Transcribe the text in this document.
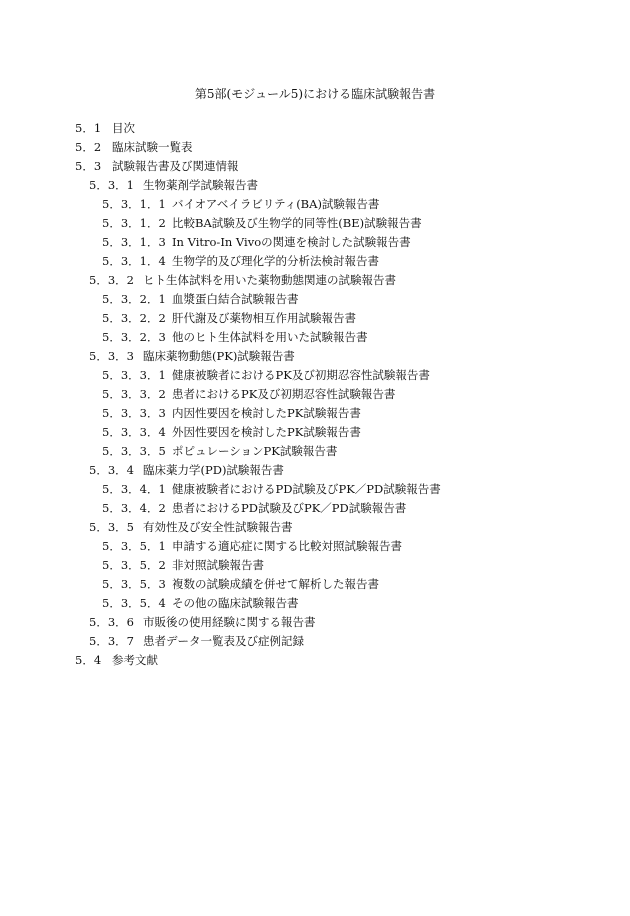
第5部(モジュール5)における臨床試験報告書
5．1 目次
5．2 臨床試験一覧表
5．3 試験報告書及び関連情報
5．3．1 生物薬剤学試験報告書
5．3．1．1 バイオアベイラビリティ(BA)試験報告書
5．3．1．2 比較BA試験及び生物学的同等性(BE)試験報告書
5．3．1．3 In Vitro-In Vivoの関連を検討した試験報告書
5．3．1．4 生物学的及び理化学的分析法検討報告書
5．3．2 ヒト生体試料を用いた薬物動態関連の試験報告書
5．3．2．1 血漿蛋白結合試験報告書
5．3．2．2 肝代謝及び薬物相互作用試験報告書
5．3．2．3 他のヒト生体試料を用いた試験報告書
5．3．3 臨床薬物動態(PK)試験報告書
5．3．3．1 健康被験者におけるPK及び初期忍容性試験報告書
5．3．3．2 患者におけるPK及び初期忍容性試験報告書
5．3．3．3 内因性要因を検討したPK試験報告書
5．3．3．4 外因性要因を検討したPK試験報告書
5．3．3．5 ポピュレーションPK試験報告書
5．3．4 臨床薬力学(PD)試験報告書
5．3．4．1 健康被験者におけるPD試験及びPK／PD試験報告書
5．3．4．2 患者におけるPD試験及びPK／PD試験報告書
5．3．5 有効性及び安全性試験報告書
5．3．5．1 申請する適応症に関する比較対照試験報告書
5．3．5．2 非対照試験報告書
5．3．5．3 複数の試験成績を併せて解析した報告書
5．3．5．4 その他の臨床試験報告書
5．3．6 市販後の使用経験に関する報告書
5．3．7 患者データ一覧表及び症例記録
5．4 参考文献
